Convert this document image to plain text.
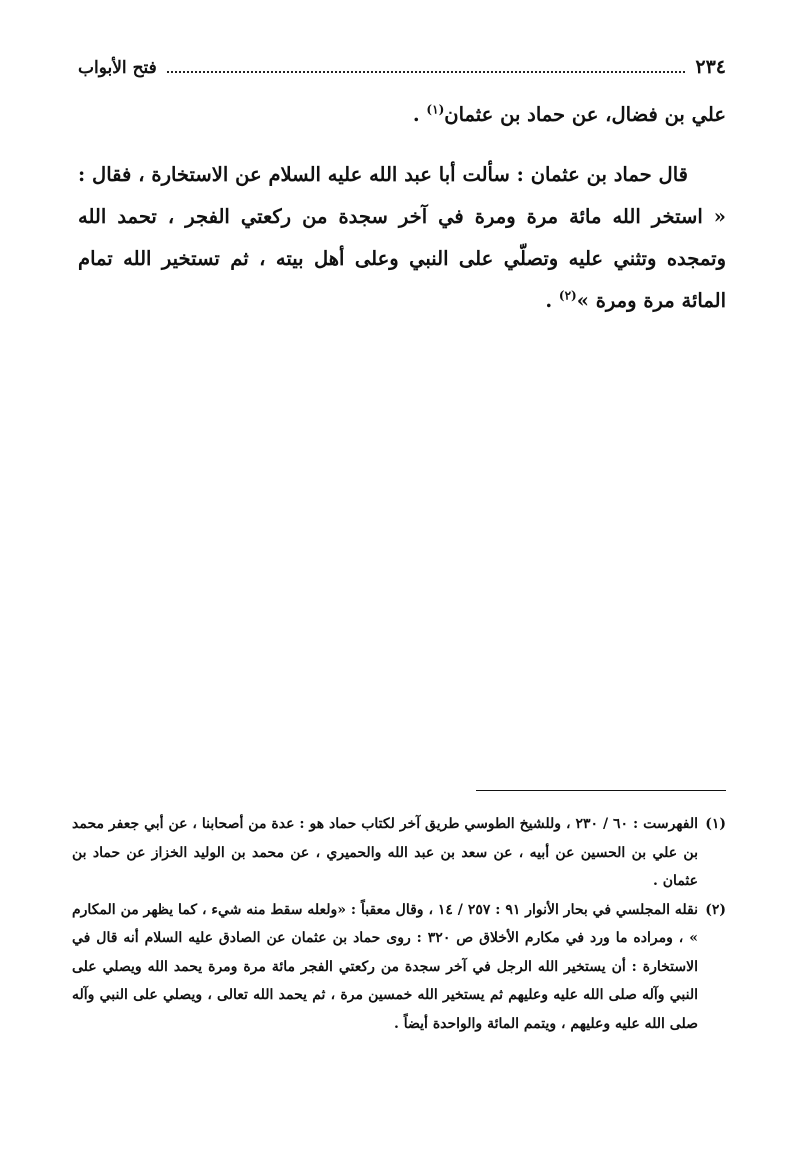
٢٣٤
فتح الأبواب

علي بن فضال، عن حماد بن عثمان$^{(١)}$ .

قال حماد بن عثمان : سألت أبا عبد الله عليه السلام عن الاستخارة ، فقال : « استخر الله مائة مرة ومرة في آخر سجدة من ركعتي الفجر ، تحمد الله وتمجده وتثني عليه وتصلّي على النبي وعلى أهل بيته ، ثم تستخير الله تمام المائة مرة ومرة »$^{(٢)}$ .

(١)
الفهرست : ٦٠ / ٢٣٠ ، وللشيخ الطوسي طريق آخر لكتاب حماد هو : عدة من أصحابنا ، عن أبي جعفر محمد بن علي بن الحسين عن أبيه ، عن سعد بن عبد الله والحميري ، عن محمد بن الوليد الخزاز عن حماد بن عثمان .
(٢)
نقله المجلسي في بحار الأنوار ٩١ : ٢٥٧ / ١٤ ، وقال معقباً : «ولعله سقط منه شيء ، كما يظهر من المكارم » ، ومراده ما ورد في مكارم الأخلاق ص ٣٢٠ : روى حماد بن عثمان عن الصادق عليه السلام أنه قال في الاستخارة : أن يستخير الله الرجل في آخر سجدة من ركعتي الفجر مائة مرة ومرة يحمد الله ويصلي على النبي وآله صلى الله عليه وعليهم ثم يستخير الله خمسين مرة ، ثم يحمد الله تعالى ، ويصلي على النبي وآله صلى الله عليه وعليهم ، ويتمم المائة والواحدة أيضاً .
